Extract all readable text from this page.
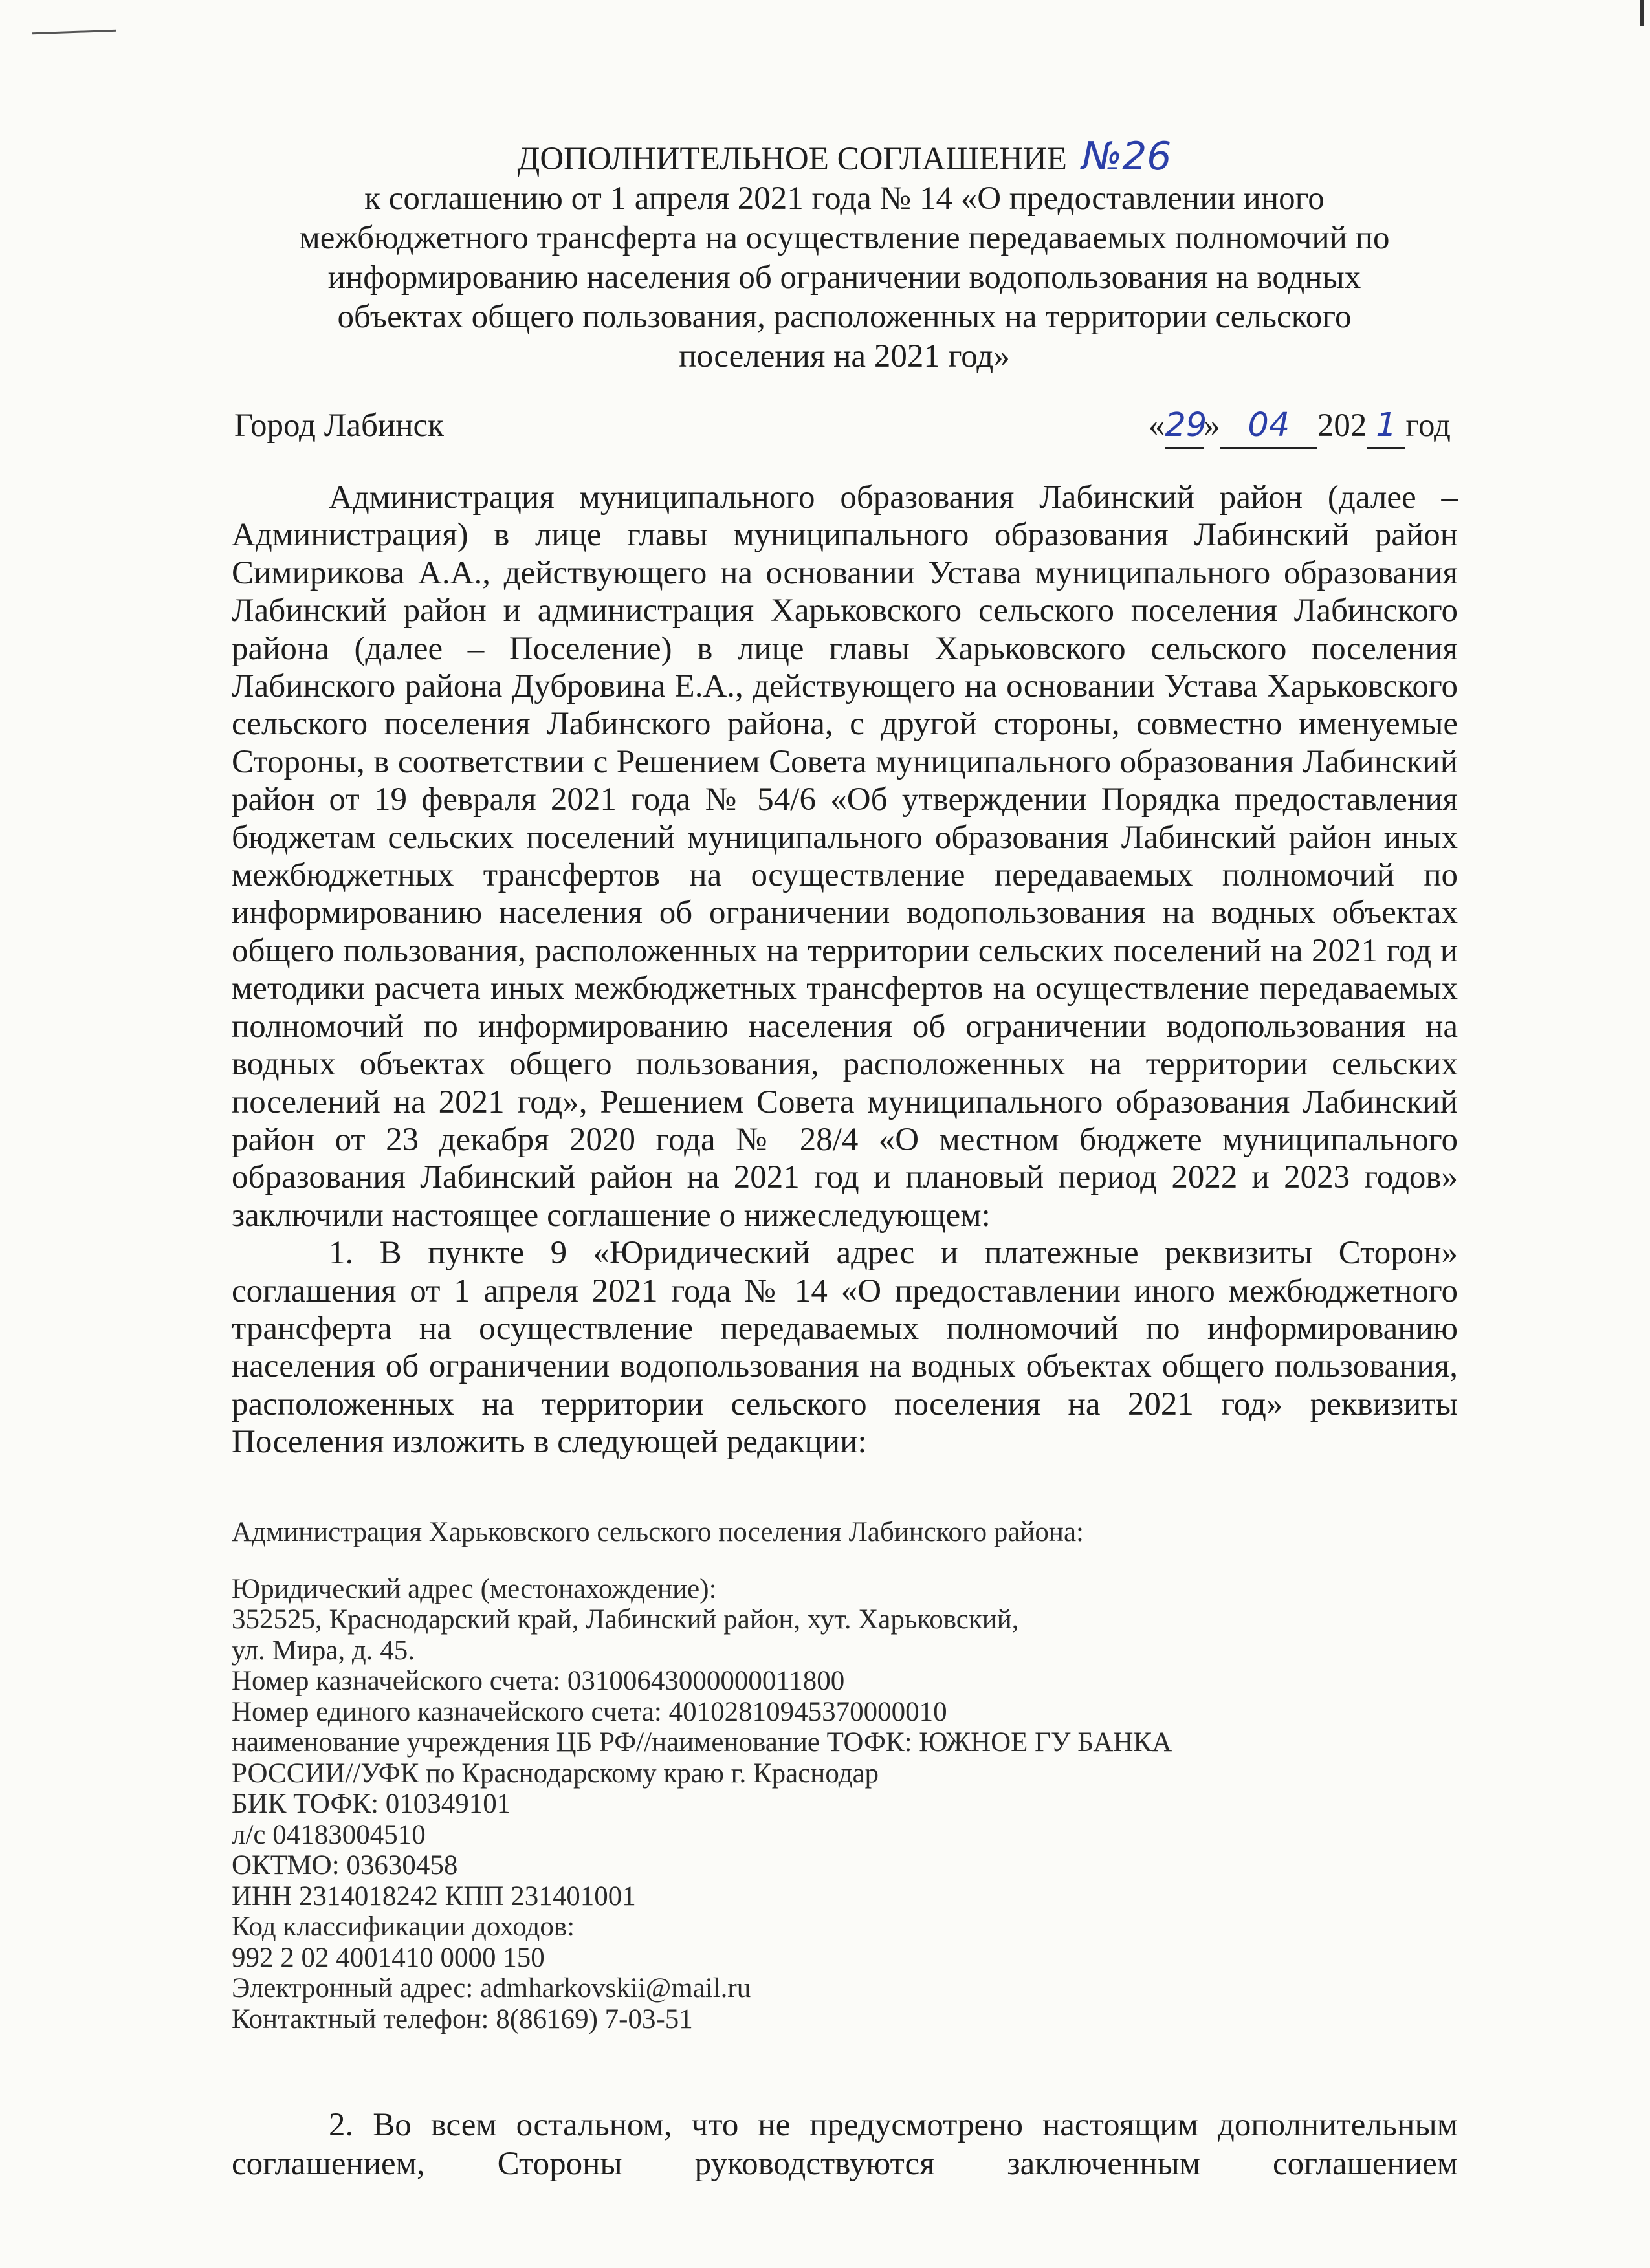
ДОПОЛНИТЕЛЬНОЕ СОГЛАШЕНИЕ №26
к соглашению от 1 апреля 2021 года № 14 «О предоставлении иного
межбюджетного трансферта на осуществление передаваемых полномочий по
информированию населения об ограничении водопользования на водных
объектах общего пользования, расположенных на территории сельского
поселения на 2021 год»
Город Лабинск	«29» 04 202 1 год

Администрация муниципального образования Лабинский район (далее – Администрация) в лице главы муниципального образования Лабинский район Симирикова А.А., действующего на основании Устава муниципального образования Лабинский район и администрация Харьковского сельского поселения Лабинского района (далее – Поселение) в лице главы Харьковского сельского поселения Лабинского района Дубровина Е.А., действующего на основании Устава Харьковского сельского поселения Лабинского района, с другой стороны, совместно именуемые Стороны, в соответствии с Решением Совета муниципального образования Лабинский район от 19 февраля 2021 года № 54/6 «Об утверждении Порядка предоставления бюджетам сельских поселений муниципального образования Лабинский район иных межбюджетных трансфертов на осуществление передаваемых полномочий по информированию населения об ограничении водопользования на водных объектах общего пользования, расположенных на территории сельских поселений на 2021 год и методики расчета иных межбюджетных трансфертов на осуществление передаваемых полномочий по информированию населения об ограничении водопользования на водных объектах общего пользования, расположенных на территории сельских поселений на 2021 год», Решением Совета муниципального образования Лабинский район от 23 декабря 2020 года № 28/4 «О местном бюджете муниципального образования Лабинский район на 2021 год и плановый период 2022 и 2023 годов» заключили настоящее соглашение о нижеследующем:

1. В пункте 9 «Юридический адрес и платежные реквизиты Сторон» соглашения от 1 апреля 2021 года № 14 «О предоставлении иного межбюджетного трансферта на осуществление передаваемых полномочий по информированию населения об ограничении водопользования на водных объектах общего пользования, расположенных на территории сельского поселения на 2021 год» реквизиты Поселения изложить в следующей редакции:

Администрация Харьковского сельского поселения Лабинского района:
Юридический адрес (местонахождение):
352525, Краснодарский край, Лабинский район, хут. Харьковский,
ул. Мира, д. 45.
Номер казначейского счета: 03100643000000011800
Номер единого казначейского счета: 40102810945370000010
наименование учреждения ЦБ РФ//наименование ТОФК: ЮЖНОЕ ГУ БАНКА
РОССИИ//УФК по Краснодарскому краю г. Краснодар
БИК ТОФК: 010349101
л/с 04183004510
ОКТМО: 03630458
ИНН 2314018242 КПП 231401001
Код классификации доходов:
992 2 02 4001410 0000 150
Электронный адрес: admharkovskii@mail.ru
Контактный телефон: 8(86169) 7-03-51

2. Во всем остальном, что не предусмотрено настоящим дополнительным

соглашением, Стороны руководствуются заключенным соглашением
